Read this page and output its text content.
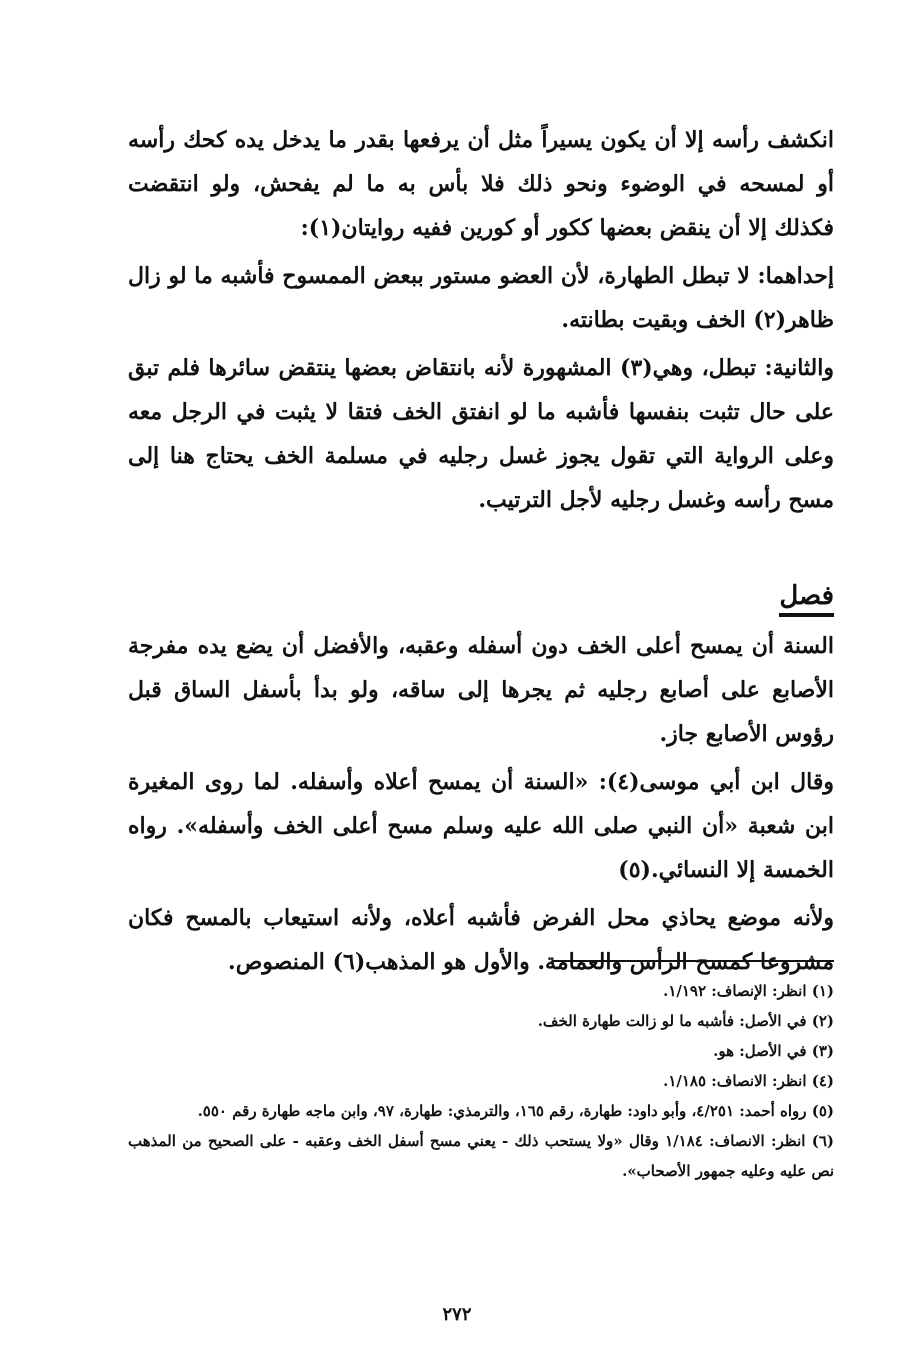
انكشف رأسه إلا أن يكون يسيراً مثل أن يرفعها بقدر ما يدخل يده كحك رأسه أو لمسحه في الوضوء ونحو ذلك فلا بأس به ما لم يفحش، ولو انتقضت فكذلك إلا أن ينقض بعضها ككور أو كورين ففيه روايتان(١):

إحداهما: لا تبطل الطهارة، لأن العضو مستور ببعض الممسوح فأشبه ما لو زال ظاهر(٢) الخف وبقيت بطانته.

والثانية: تبطل، وهي(٣) المشهورة لأنه بانتقاض بعضها ينتقض سائرها فلم تبق على حال تثبت بنفسها فأشبه ما لو انفتق الخف فتقا لا يثبت في الرجل معه وعلى الرواية التي تقول يجوز غسل رجليه في مسلمة الخف يحتاج هنا إلى مسح رأسه وغسل رجليه لأجل الترتيب.

فصل

السنة أن يمسح أعلى الخف دون أسفله وعقبه، والأفضل أن يضع يده مفرجة الأصابع على أصابع رجليه ثم يجرها إلى ساقه، ولو بدأ بأسفل الساق قبل رؤوس الأصابع جاز.

وقال ابن أبي موسى(٤): «السنة أن يمسح أعلاه وأسفله. لما روى المغيرة ابن شعبة «أن النبي صلى الله عليه وسلم مسح أعلى الخف وأسفله». رواه الخمسة إلا النسائي.(٥)

ولأنه موضع يحاذي محل الفرض فأشبه أعلاه، ولأنه استيعاب بالمسح فكان مشروعا كمسح الرأس والعمامة. والأول هو المذهب(٦) المنصوص.

(١) انظر: الإنصاف: ١/١٩٢.

(٢) في الأصل: فأشبه ما لو زالت طهارة الخف.

(٣) في الأصل: هو.

(٤) انظر: الانصاف: ١/١٨٥.

(٥) رواه أحمد: ٤/٢٥١، وأبو داود: طهارة، رقم ١٦٥، والترمذي: طهارة، ٩٧، وابن ماجه طهارة رقم ٥٥٠.

(٦) انظر: الانصاف: ١/١٨٤ وقال «ولا يستحب ذلك - يعني مسح أسفل الخف وعقبه - على الصحيح من المذهب نص عليه وعليه جمهور الأصحاب».

٢٧٢
